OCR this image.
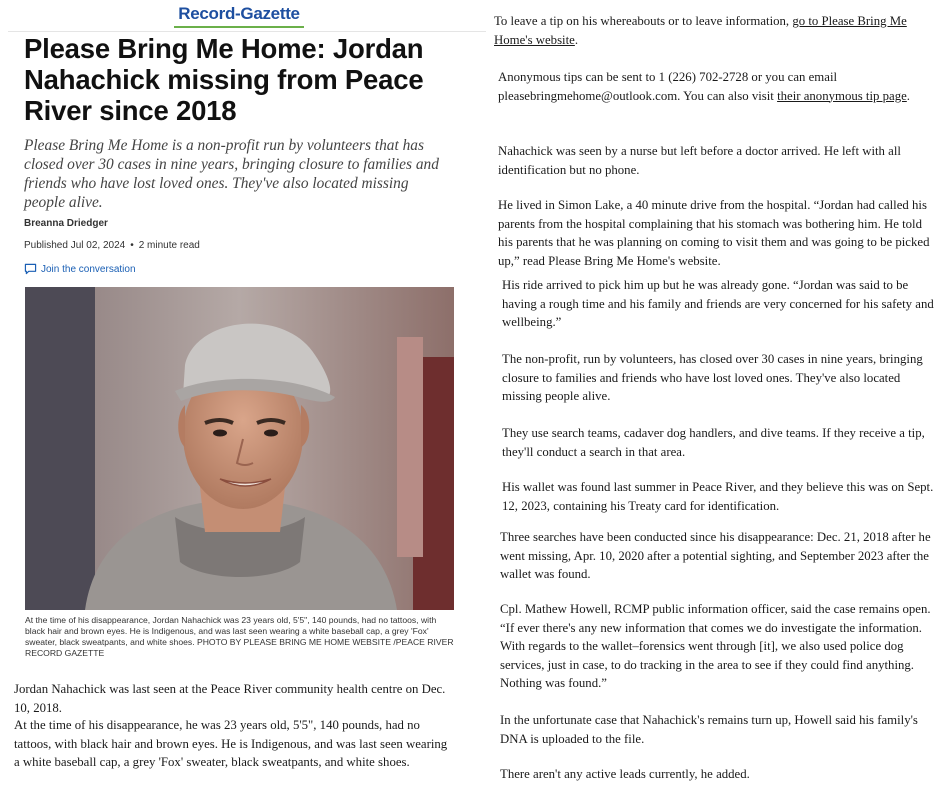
Record-Gazette
Please Bring Me Home: Jordan Nahachick missing from Peace River since 2018
Please Bring Me Home is a non-profit run by volunteers that has closed over 30 cases in nine years, bringing closure to families and friends who have lost loved ones. They've also located missing people alive.
Breanna Driedger
Published Jul 02, 2024 • 2 minute read
Join the conversation
At the time of his disappearance, Jordan Nahachick was 23 years old, 5'5", 140 pounds, had no tattoos, with black hair and brown eyes. He is Indigenous, and was last seen wearing a white baseball cap, a grey 'Fox' sweater, black sweatpants, and white shoes. PHOTO BY PLEASE BRING ME HOME WEBSITE /PEACE RIVER RECORD GAZETTE
Jordan Nahachick was last seen at the Peace River community health centre on Dec. 10, 2018.
At the time of his disappearance, he was 23 years old, 5'5", 140 pounds, had no tattoos, with black hair and brown eyes. He is Indigenous, and was last seen wearing a white baseball cap, a grey 'Fox' sweater, black sweatpants, and white shoes.
To leave a tip on his whereabouts or to leave information, go to Please Bring Me Home's website.
Anonymous tips can be sent to 1 (226) 702-2728 or you can email pleasebringmehome@outlook.com. You can also visit their anonymous tip page.
Nahachick was seen by a nurse but left before a doctor arrived. He left with all identification but no phone.
He lived in Simon Lake, a 40 minute drive from the hospital. “Jordan had called his parents from the hospital complaining that his stomach was bothering him. He told his parents that he was planning on coming to visit them and was going to be picked up,” read Please Bring Me Home's website.
His ride arrived to pick him up but he was already gone. “Jordan was said to be having a rough time and his family and friends are very concerned for his safety and wellbeing.”
The non-profit, run by volunteers, has closed over 30 cases in nine years, bringing closure to families and friends who have lost loved ones. They've also located missing people alive.
They use search teams, cadaver dog handlers, and dive teams. If they receive a tip, they'll conduct a search in that area.
His wallet was found last summer in Peace River, and they believe this was on Sept. 12, 2023, containing his Treaty card for identification.
Three searches have been conducted since his disappearance: Dec. 21, 2018 after he went missing, Apr. 10, 2020 after a potential sighting, and September 2023 after the wallet was found.
Cpl. Mathew Howell, RCMP public information officer, said the case remains open. “If ever there's any new information that comes we do investigate the information. With regards to the wallet–forensics went through [it], we also used police dog services, just in case, to do tracking in the area to see if they could find anything. Nothing was found.”
In the unfortunate case that Nahachick's remains turn up, Howell said his family's DNA is uploaded to the file.
There aren't any active leads currently, he added.
